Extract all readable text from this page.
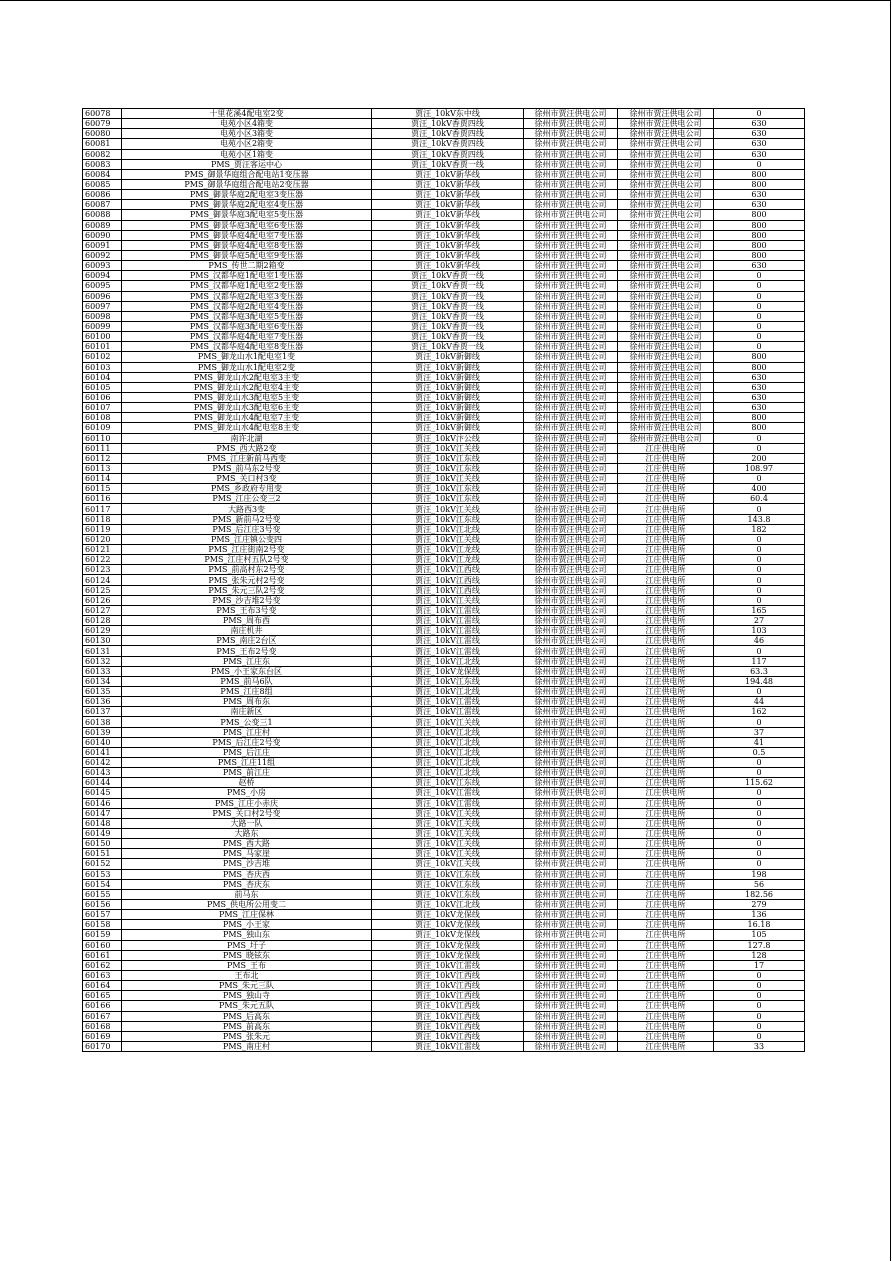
60078	十里花溪4配电室2变	贾汪_10kV东中线	徐州市贾汪供电公司	徐州市贾汪供电公司	0
60079	电苑小区4箱变	贾汪_10kV香贾四线	徐州市贾汪供电公司	徐州市贾汪供电公司	630
60080	电苑小区3箱变	贾汪_10kV香贾四线	徐州市贾汪供电公司	徐州市贾汪供电公司	630
60081	电苑小区2箱变	贾汪_10kV香贾四线	徐州市贾汪供电公司	徐州市贾汪供电公司	630
60082	电苑小区1箱变	贾汪_10kV香贾四线	徐州市贾汪供电公司	徐州市贾汪供电公司	630
60083	PMS_贾汪客运中心	贾汪_10kV香贾一线	徐州市贾汪供电公司	徐州市贾汪供电公司	0
60084	PMS_御景华庭组合配电站1变压器	贾汪_10kV新华线	徐州市贾汪供电公司	徐州市贾汪供电公司	800
60085	PMS_御景华庭组合配电站2变压器	贾汪_10kV新华线	徐州市贾汪供电公司	徐州市贾汪供电公司	800
60086	PMS_御景华庭2配电室3变压器	贾汪_10kV新华线	徐州市贾汪供电公司	徐州市贾汪供电公司	630
60087	PMS_御景华庭2配电室4变压器	贾汪_10kV新华线	徐州市贾汪供电公司	徐州市贾汪供电公司	630
60088	PMS_御景华庭3配电室5变压器	贾汪_10kV新华线	徐州市贾汪供电公司	徐州市贾汪供电公司	800
60089	PMS_御景华庭3配电室6变压器	贾汪_10kV新华线	徐州市贾汪供电公司	徐州市贾汪供电公司	800
60090	PMS_御景华庭4配电室7变压器	贾汪_10kV新华线	徐州市贾汪供电公司	徐州市贾汪供电公司	800
60091	PMS_御景华庭4配电室8变压器	贾汪_10kV新华线	徐州市贾汪供电公司	徐州市贾汪供电公司	800
60092	PMS_御景华庭5配电室9变压器	贾汪_10kV新华线	徐州市贾汪供电公司	徐州市贾汪供电公司	800
60093	PMS_传世二期2箱变	贾汪_10kV新华线	徐州市贾汪供电公司	徐州市贾汪供电公司	630
60094	PMS_汉都华庭1配电室1变压器	贾汪_10kV香贾一线	徐州市贾汪供电公司	徐州市贾汪供电公司	0
60095	PMS_汉都华庭1配电室2变压器	贾汪_10kV香贾一线	徐州市贾汪供电公司	徐州市贾汪供电公司	0
60096	PMS_汉都华庭2配电室3变压器	贾汪_10kV香贾一线	徐州市贾汪供电公司	徐州市贾汪供电公司	0
60097	PMS_汉都华庭2配电室4变压器	贾汪_10kV香贾一线	徐州市贾汪供电公司	徐州市贾汪供电公司	0
60098	PMS_汉都华庭3配电室5变压器	贾汪_10kV香贾一线	徐州市贾汪供电公司	徐州市贾汪供电公司	0
60099	PMS_汉都华庭3配电室6变压器	贾汪_10kV香贾一线	徐州市贾汪供电公司	徐州市贾汪供电公司	0
60100	PMS_汉都华庭4配电室7变压器	贾汪_10kV香贾一线	徐州市贾汪供电公司	徐州市贾汪供电公司	0
60101	PMS_汉都华庭4配电室8变压器	贾汪_10kV香贾一线	徐州市贾汪供电公司	徐州市贾汪供电公司	0
60102	PMS_御龙山水1配电室1变	贾汪_10kV新御线	徐州市贾汪供电公司	徐州市贾汪供电公司	800
60103	PMS_御龙山水1配电室2变	贾汪_10kV新御线	徐州市贾汪供电公司	徐州市贾汪供电公司	800
60104	PMS_御龙山水2配电室3主变	贾汪_10kV新御线	徐州市贾汪供电公司	徐州市贾汪供电公司	630
60105	PMS_御龙山水2配电室4主变	贾汪_10kV新御线	徐州市贾汪供电公司	徐州市贾汪供电公司	630
60106	PMS_御龙山水3配电室5主变	贾汪_10kV新御线	徐州市贾汪供电公司	徐州市贾汪供电公司	630
60107	PMS_御龙山水3配电室6主变	贾汪_10kV新御线	徐州市贾汪供电公司	徐州市贾汪供电公司	630
60108	PMS_御龙山水4配电室7主变	贾汪_10kV新御线	徐州市贾汪供电公司	徐州市贾汪供电公司	800
60109	PMS_御龙山水4配电室8主变	贾汪_10kV新御线	徐州市贾汪供电公司	徐州市贾汪供电公司	800
60110	南许北湖	贾汪_10kV汴公线	徐州市贾汪供电公司	徐州市贾汪供电公司	0
60111	PMS_西大路2变	贾汪_10kV江关线	徐州市贾汪供电公司	江庄供电所	0
60112	PMS_江庄新前马西变	贾汪_10kV江东线	徐州市贾汪供电公司	江庄供电所	200
60113	PMS_前马东2号变	贾汪_10kV江东线	徐州市贾汪供电公司	江庄供电所	108.97
60114	PMS_关口村3变	贾汪_10kV江关线	徐州市贾汪供电公司	江庄供电所	0
60115	PMS_乡政府专用变	贾汪_10kV江东线	徐州市贾汪供电公司	江庄供电所	400
60116	PMS_江庄公变三2	贾汪_10kV江东线	徐州市贾汪供电公司	江庄供电所	60.4
60117	大路西3变	贾汪_10kV江关线	徐州市贾汪供电公司	江庄供电所	0
60118	PMS_新前马2号变	贾汪_10kV江东线	徐州市贾汪供电公司	江庄供电所	143.8
60119	PMS_后江庄3号变	贾汪_10kV江北线	徐州市贾汪供电公司	江庄供电所	182
60120	PMS_江庄镇公变四	贾汪_10kV江关线	徐州市贾汪供电公司	江庄供电所	0
60121	PMS_江庄街南2号变	贾汪_10kV江龙线	徐州市贾汪供电公司	江庄供电所	0
60122	PMS_江庄村五队2号变	贾汪_10kV江龙线	徐州市贾汪供电公司	江庄供电所	0
60123	PMS_前高村东2号变	贾汪_10kV江西线	徐州市贾汪供电公司	江庄供电所	0
60124	PMS_张朱元村2号变	贾汪_10kV江西线	徐州市贾汪供电公司	江庄供电所	0
60125	PMS_朱元三队2号变	贾汪_10kV江西线	徐州市贾汪供电公司	江庄供电所	0
60126	PMS_沙吉堆2号变	贾汪_10kV江关线	徐州市贾汪供电公司	江庄供电所	0
60127	PMS_王布3号变	贾汪_10kV江雷线	徐州市贾汪供电公司	江庄供电所	165
60128	PMS_周布西	贾汪_10kV江雷线	徐州市贾汪供电公司	江庄供电所	27
60129	南庄机井	贾汪_10kV江雷线	徐州市贾汪供电公司	江庄供电所	103
60130	PMS_南庄2台区	贾汪_10kV江雷线	徐州市贾汪供电公司	江庄供电所	46
60131	PMS_王布2号变	贾汪_10kV江雷线	徐州市贾汪供电公司	江庄供电所	0
60132	PMS_江庄东	贾汪_10kV江北线	徐州市贾汪供电公司	江庄供电所	117
60133	PMS_小王家东台区	贾汪_10kV龙保线	徐州市贾汪供电公司	江庄供电所	63.3
60134	PMS_前马6队	贾汪_10kV江东线	徐州市贾汪供电公司	江庄供电所	194.48
60135	PMS_江庄8组	贾汪_10kV江北线	徐州市贾汪供电公司	江庄供电所	0
60136	PMS_周布东	贾汪_10kV江雷线	徐州市贾汪供电公司	江庄供电所	44
60137	南庄新区	贾汪_10kV江雷线	徐州市贾汪供电公司	江庄供电所	162
60138	PMS_公变三1	贾汪_10kV江关线	徐州市贾汪供电公司	江庄供电所	0
60139	PMS_江庄村	贾汪_10kV江北线	徐州市贾汪供电公司	江庄供电所	37
60140	PMS_后江庄2号变	贾汪_10kV江北线	徐州市贾汪供电公司	江庄供电所	41
60141	PMS_后江庄	贾汪_10kV江北线	徐州市贾汪供电公司	江庄供电所	0.5
60142	PMS_江庄11组	贾汪_10kV江北线	徐州市贾汪供电公司	江庄供电所	0
60143	PMS_前江庄	贾汪_10kV江北线	徐州市贾汪供电公司	江庄供电所	0
60144	赵桥	贾汪_10kV江东线	徐州市贾汪供电公司	江庄供电所	115.62
60145	PMS_小房	贾汪_10kV江雷线	徐州市贾汪供电公司	江庄供电所	0
60146	PMS_江庄小赤庆	贾汪_10kV江雷线	徐州市贾汪供电公司	江庄供电所	0
60147	PMS_关口村2号变	贾汪_10kV江关线	徐州市贾汪供电公司	江庄供电所	0
60148	大路一队	贾汪_10kV江关线	徐州市贾汪供电公司	江庄供电所	0
60149	大路东	贾汪_10kV江关线	徐州市贾汪供电公司	江庄供电所	0
60150	PMS_西大路	贾汪_10kV江关线	徐州市贾汪供电公司	江庄供电所	0
60151	PMS_马家崖	贾汪_10kV江关线	徐州市贾汪供电公司	江庄供电所	0
60152	PMS_沙吉堆	贾汪_10kV江关线	徐州市贾汪供电公司	江庄供电所	0
60153	PMS_杏庆西	贾汪_10kV江东线	徐州市贾汪供电公司	江庄供电所	198
60154	PMS_杏庆东	贾汪_10kV江东线	徐州市贾汪供电公司	江庄供电所	56
60155	前马东	贾汪_10kV江东线	徐州市贾汪供电公司	江庄供电所	182.56
60156	PMS_供电所公用变二	贾汪_10kV江北线	徐州市贾汪供电公司	江庄供电所	279
60157	PMS_江庄保林	贾汪_10kV龙保线	徐州市贾汪供电公司	江庄供电所	136
60158	PMS_小王家	贾汪_10kV龙保线	徐州市贾汪供电公司	江庄供电所	16.18
60159	PMS_独山东	贾汪_10kV龙保线	徐州市贾汪供电公司	江庄供电所	105
60160	PMS_圩子	贾汪_10kV龙保线	徐州市贾汪供电公司	江庄供电所	127.8
60161	PMS_晓铉东	贾汪_10kV龙保线	徐州市贾汪供电公司	江庄供电所	128
60162	PMS_王布	贾汪_10kV江雷线	徐州市贾汪供电公司	江庄供电所	17
60163	王布北	贾汪_10kV江西线	徐州市贾汪供电公司	江庄供电所	0
60164	PMS_朱元三队	贾汪_10kV江西线	徐州市贾汪供电公司	江庄供电所	0
60165	PMS_独山寺	贾汪_10kV江西线	徐州市贾汪供电公司	江庄供电所	0
60166	PMS_朱元五队	贾汪_10kV江西线	徐州市贾汪供电公司	江庄供电所	0
60167	PMS_后高东	贾汪_10kV江西线	徐州市贾汪供电公司	江庄供电所	0
60168	PMS_前高东	贾汪_10kV江西线	徐州市贾汪供电公司	江庄供电所	0
60169	PMS_张朱元	贾汪_10kV江西线	徐州市贾汪供电公司	江庄供电所	0
60170	PMS_南庄村	贾汪_10kV江雷线	徐州市贾汪供电公司	江庄供电所	33
